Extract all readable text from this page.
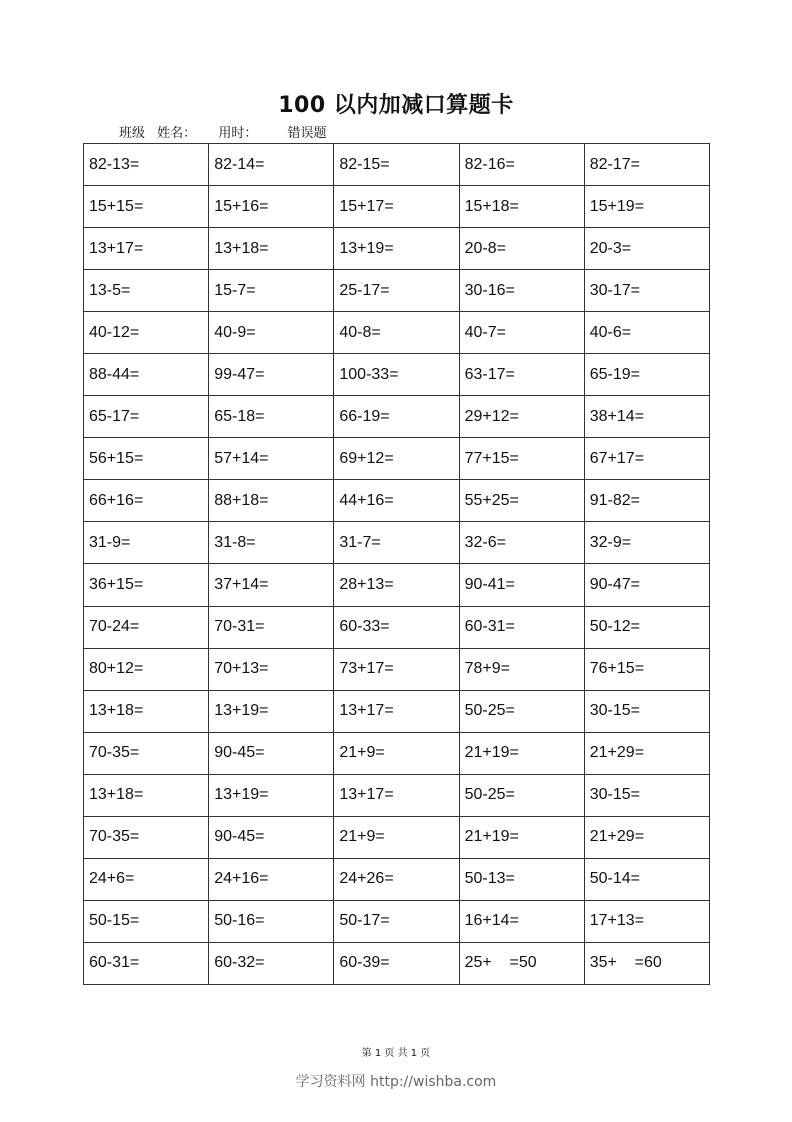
100 以内加减口算题卡
班级 姓名： 用时： 错误题
82-13=	82-14=	82-15=	82-16=	82-17=
15+15=	15+16=	15+17=	15+18=	15+19=
13+17=	13+18=	13+19=	20-8=	20-3=
13-5=	15-7=	25-17=	30-16=	30-17=
40-12=	40-9=	40-8=	40-7=	40-6=
88-44=	99-47=	100-33=	63-17=	65-19=
65-17=	65-18=	66-19=	29+12=	38+14=
56+15=	57+14=	69+12=	77+15=	67+17=
66+16=	88+18=	44+16=	55+25=	91-82=
31-9=	31-8=	31-7=	32-6=	32-9=
36+15=	37+14=	28+13=	90-41=	90-47=
70-24=	70-31=	60-33=	60-31=	50-12=
80+12=	70+13=	73+17=	78+9=	76+15=
13+18=	13+19=	13+17=	50-25=	30-15=
70-35=	90-45=	21+9=	21+19=	21+29=
13+18=	13+19=	13+17=	50-25=	30-15=
70-35=	90-45=	21+9=	21+19=	21+29=
24+6=	24+16=	24+26=	50-13=	50-14=
50-15=	50-16=	50-17=	16+14=	17+13=
60-31=	60-32=	60-39=	25+    =50	35+    =60
第 1 页 共 1 页
学习资料网 http://wishba.com
